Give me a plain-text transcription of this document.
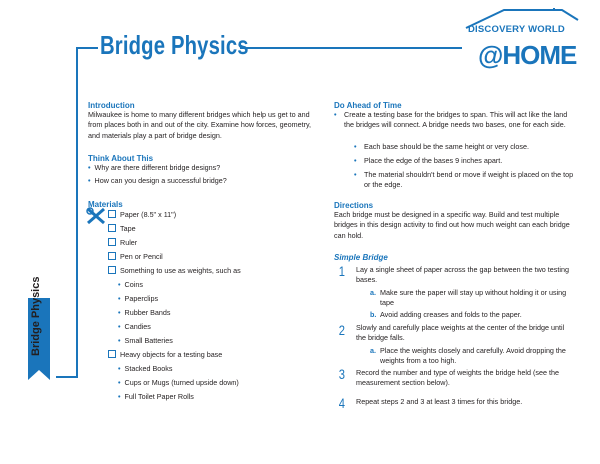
Bridge Physics
DISCOVERY WORLD
@HOME
Bridge Physics
Introduction
Milwaukee is home to many different bridges which help us get to and from places both in and out of the city. Examine how forces, geometry, and materials play a part of bridge design.
Think About This
• Why are there different bridge designs?
• How can you design a successful bridge?
Materials
Paper (8.5" x 11")
Tape
Ruler
Pen or Pencil
Something to use as weights, such as
• Coins
• Paperclips
• Rubber Bands
• Candies
• Small Batteries
Heavy objects for a testing base
• Stacked Books
• Cups or Mugs (turned upside down)
• Full Toilet Paper Rolls
Do Ahead of Time
• Create a testing base for the bridges to span. This will act like the land the bridges will connect. A bridge needs two bases, one for each side.
• Each base should be the same height or very close.
• Place the edge of the bases 9 inches apart.
• The material shouldn't bend or move if weight is placed on the top or the edge.
Directions
Each bridge must be designed in a specific way. Build and test multiple bridges in this design activity to find out how much weight can each bridge can hold.
Simple Bridge
1 Lay a single sheet of paper across the gap between the two testing bases.
a. Make sure the paper will stay up without holding it or using tape
b. Avoid adding creases and folds to the paper.
2 Slowly and carefully place weights at the center of the bridge until the bridge falls.
a. Place the weights closely and carefully. Avoid dropping the weights from a too high.
3 Record the number and type of weights the bridge held (see the measurement section below).
4 Repeat steps 2 and 3 at least 3 times for this bridge.
